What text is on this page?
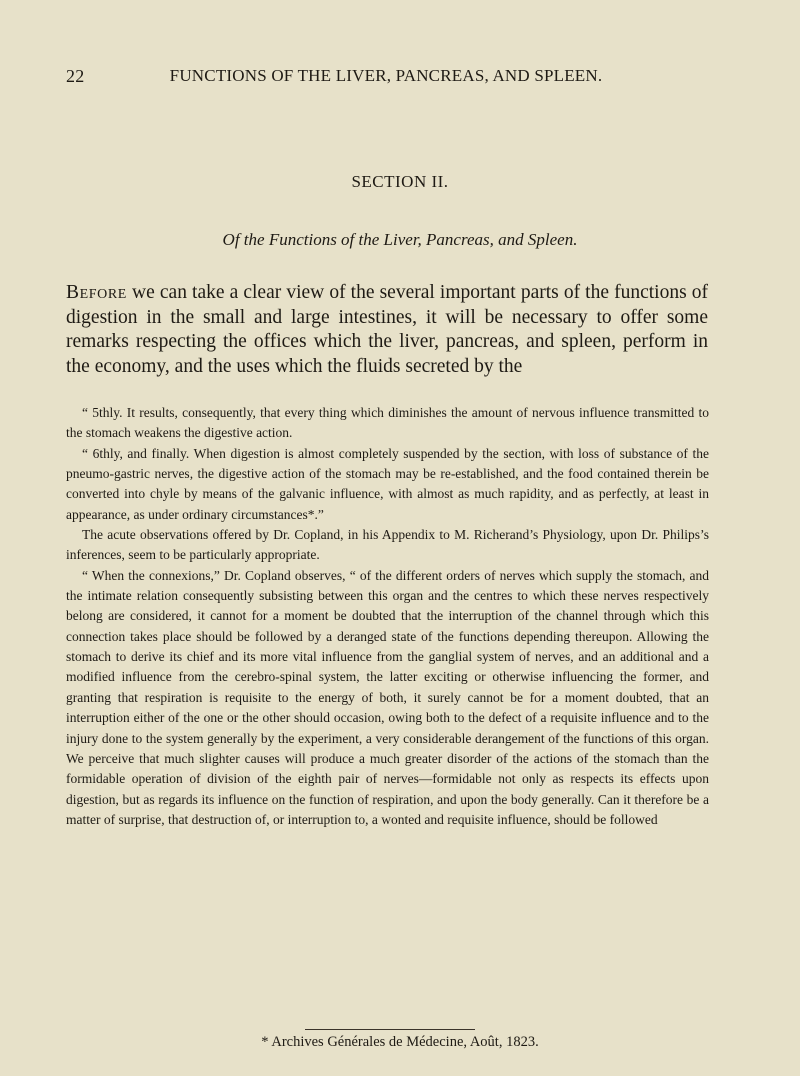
22	FUNCTIONS OF THE LIVER, PANCREAS, AND SPLEEN.
SECTION II.
Of the Functions of the Liver, Pancreas, and Spleen.
Before we can take a clear view of the several important parts of the functions of digestion in the small and large intestines, it will be necessary to offer some remarks respecting the offices which the liver, pancreas, and spleen, perform in the economy, and the uses which the fluids secreted by the

“ 5thly. It results, consequently, that every thing which diminishes the amount of nervous influence transmitted to the stomach weakens the digestive action.

“ 6thly, and finally. When digestion is almost completely suspended by the section, with loss of substance of the pneumo-gastric nerves, the digestive action of the stomach may be re-established, and the food contained therein be converted into chyle by means of the galvanic influence, with almost as much rapidity, and as perfectly, at least in appearance, as under ordinary circumstances*.”

The acute observations offered by Dr. Copland, in his Appendix to M. Richerand’s Physiology, upon Dr. Philips’s inferences, seem to be particularly appropriate.

“ When the connexions,” Dr. Copland observes, “ of the different orders of nerves which supply the stomach, and the intimate relation consequently subsisting between this organ and the centres to which these nerves respectively belong are considered, it cannot for a moment be doubted that the interruption of the channel through which this connection takes place should be followed by a deranged state of the functions depending thereupon. Allowing the stomach to derive its chief and its more vital influence from the ganglial system of nerves, and an additional and a modified influence from the cerebro-spinal system, the latter exciting or otherwise influencing the former, and granting that respiration is requisite to the energy of both, it surely cannot be for a moment doubted, that an interruption either of the one or the other should occasion, owing both to the defect of a requisite influence and to the injury done to the system generally by the experiment, a very considerable derangement of the functions of this organ. We perceive that much slighter causes will produce a much greater disorder of the actions of the stomach than the formidable operation of division of the eighth pair of nerves—formidable not only as respects its effects upon digestion, but as regards its influence on the function of respiration, and upon the body generally. Can it therefore be a matter of surprise, that destruction of, or interruption to, a wonted and requisite influence, should be followed

* Archives Générales de Médecine, Août, 1823.
